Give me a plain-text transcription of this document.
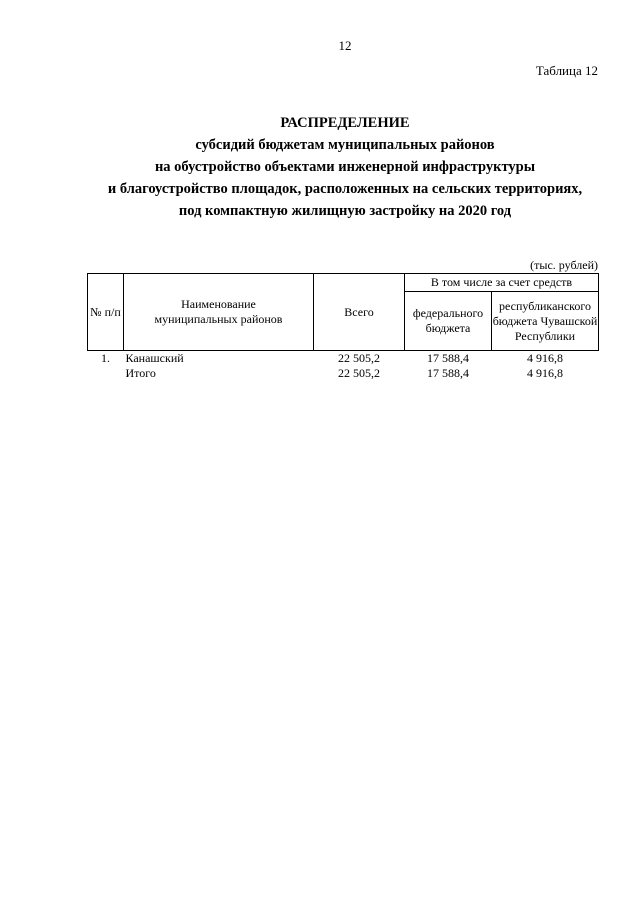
12
Таблица 12
РАСПРЕДЕЛЕНИЕ
субсидий бюджетам муниципальных районов
на обустройство объектами инженерной инфраструктуры
и благоустройство площадок, расположенных на сельских территориях,
под компактную жилищную застройку на 2020 год
(тыс. рублей)
№ п/п	Наименование муниципальных районов	Всего	В том числе за счет средств	
			федерального бюджета	республиканского бюджета Чувашской Республики
1.	Канашский	22 505,2	17 588,4	4 916,8
	Итого	22 505,2	17 588,4	4 916,8
